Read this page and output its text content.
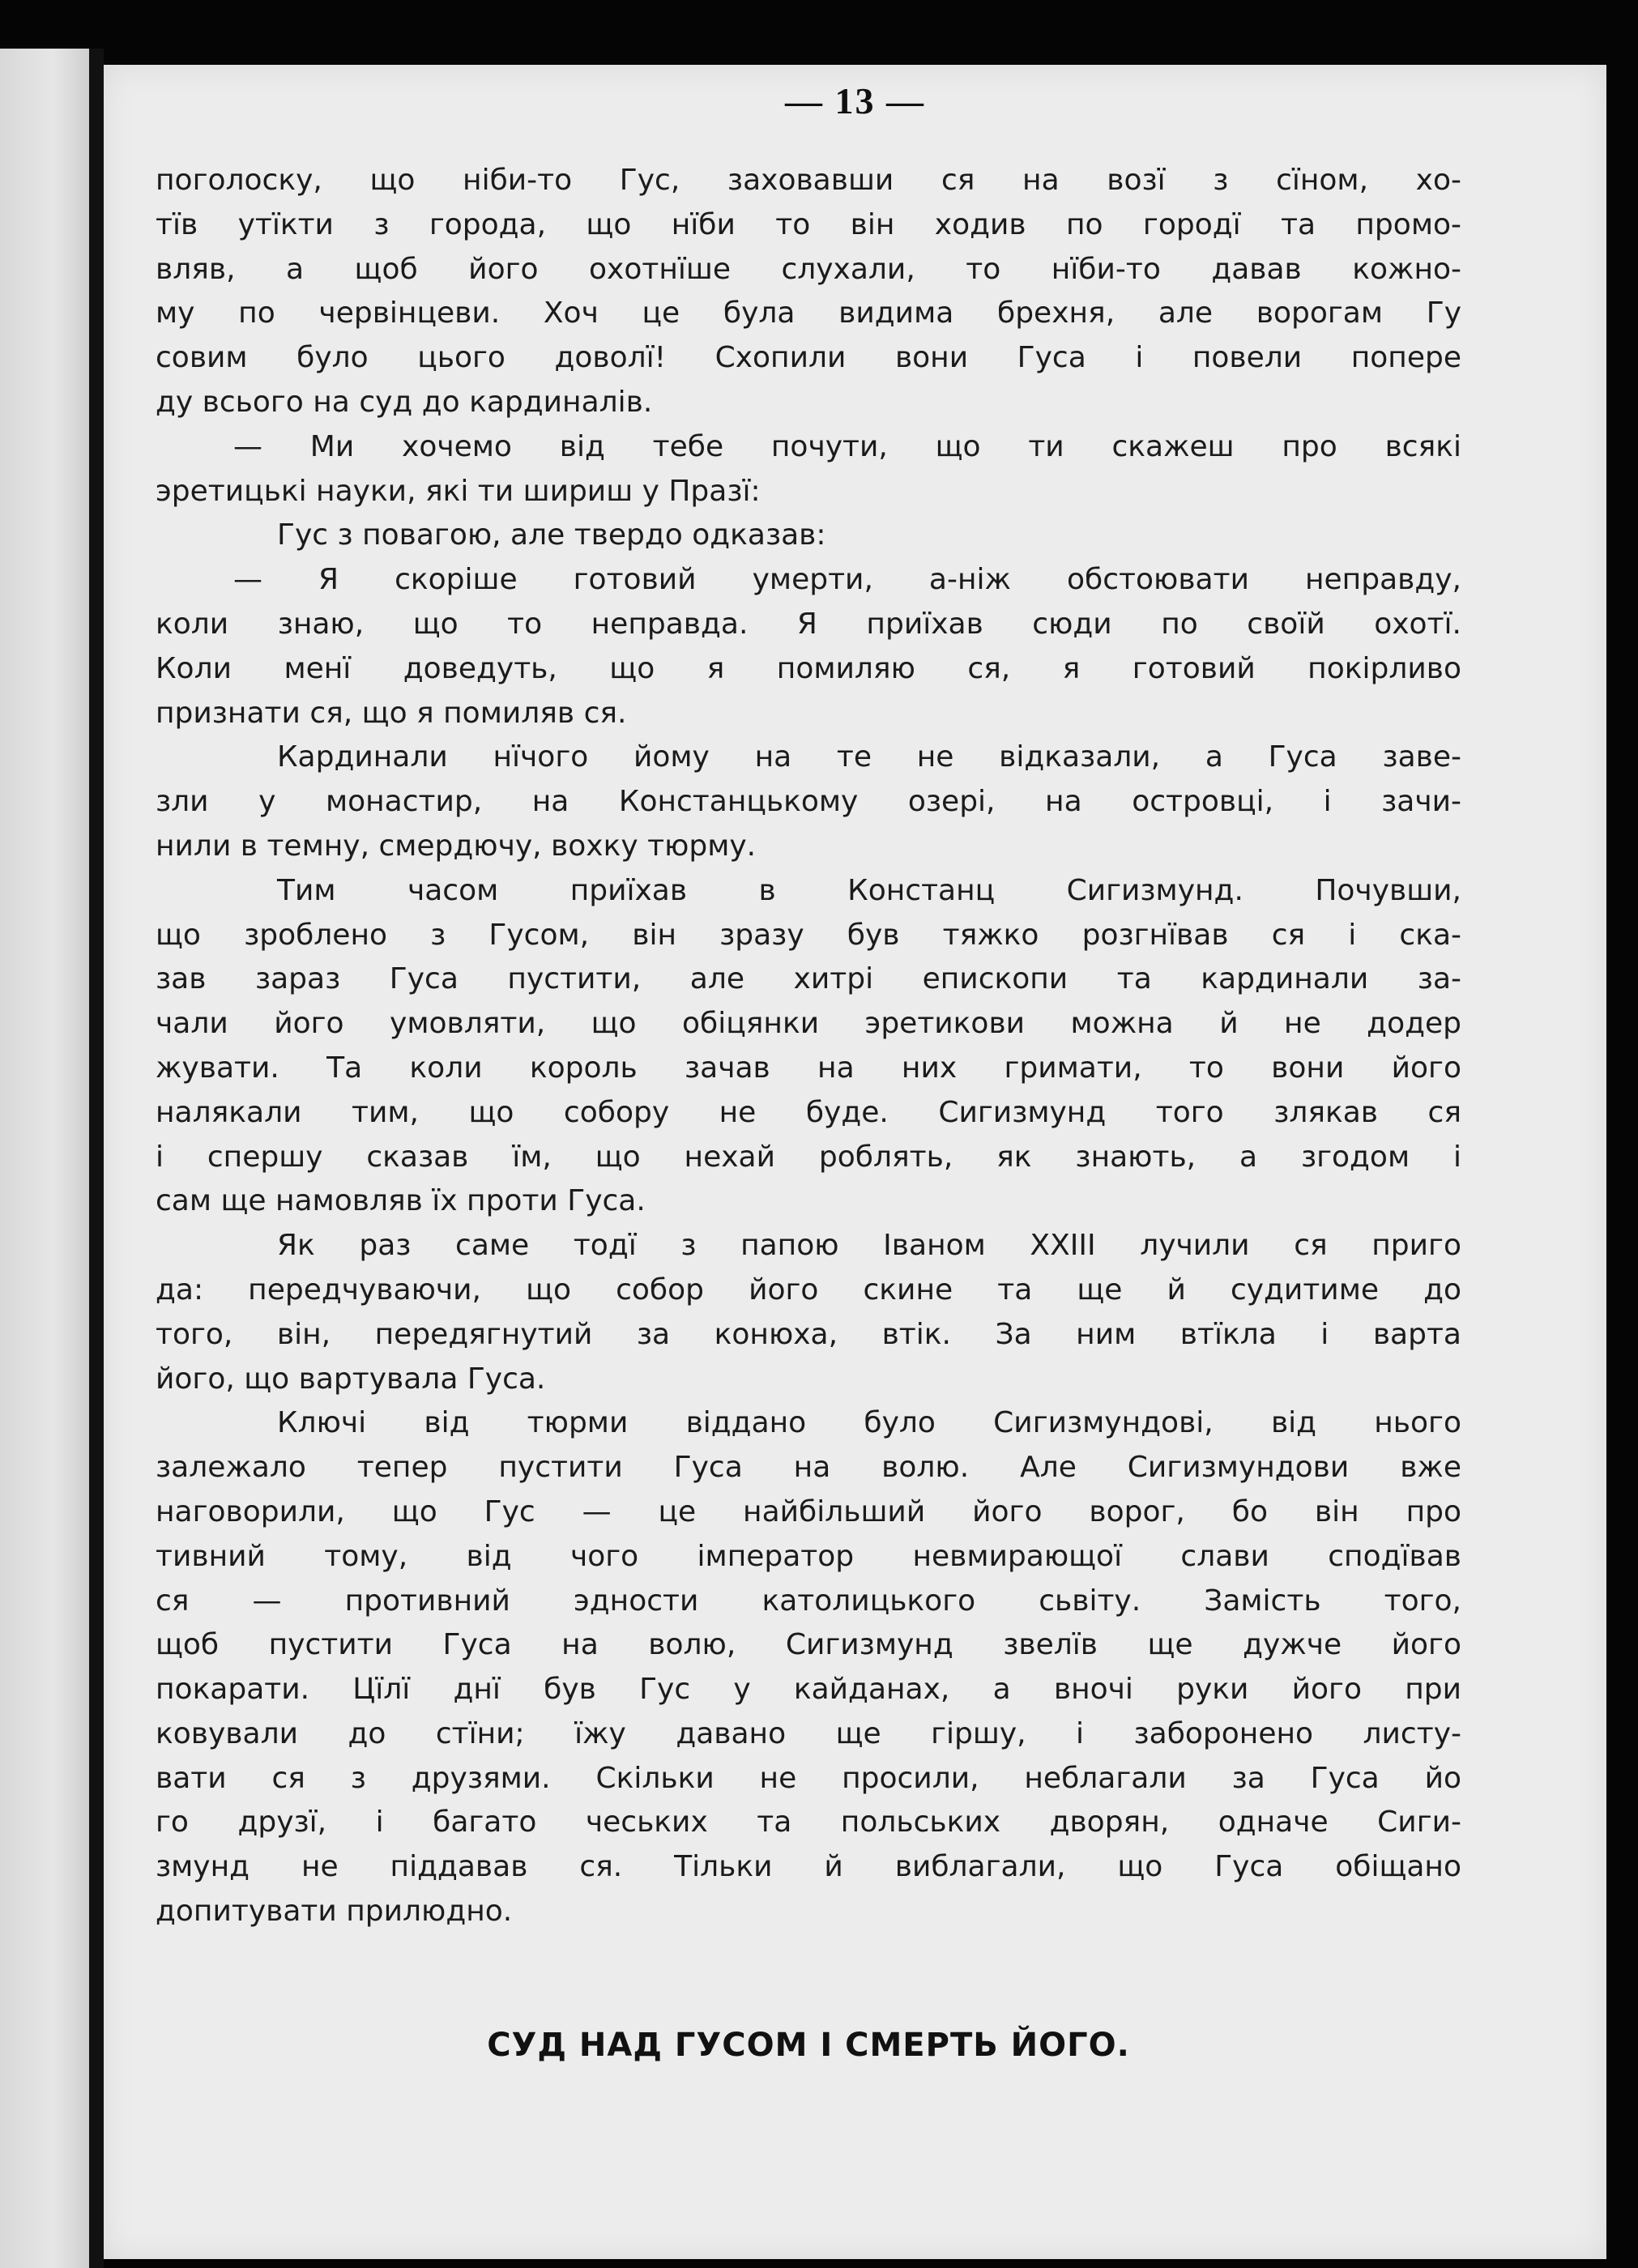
— 13 —
поголоску, що ніби-то Гус, заховавши ся на возї з сїном, хо-
тїв утїкти з города, що нїби то він ходив по городї та промо-
вляв, а щоб його охотнїше слухали, то нїби-то давав кожно-
му по червінцеви. Хоч це була видима брехня, але ворогам Гу
совим було цього доволї! Схопили вони Гуса і повели попере
ду всього на суд до кардиналів.
— Ми хочемо від тебе почути, що ти скажеш про всякі
эретицькі науки, які ти шириш у Празї:
Гус з повагою, але твердо одказав:
— Я скоріше готовий умерти, а-ніж обстоювати неправду,
коли знаю, що то неправда. Я приїхав сюди по своїй охотї.
Коли менї доведуть, що я помиляю ся, я готовий покірливо
признати ся, що я помиляв ся.
Кардинали нїчого йому на те не відказали, а Гуса заве-
зли у монастир, на Констанцькому озері, на островці, і зачи-
нили в темну, смердючу, вохку тюрму.
Тим часом приїхав в Констанц Сигизмунд. Почувши,
що зроблено з Гусом, він зразу був тяжко розгнївав ся і ска-
зав зараз Гуса пустити, але хитрі епископи та кардинали за-
чали його умовляти, що обіцянки эретикови можна й не додер
жувати. Та коли король зачав на них гримати, то вони його
налякали тим, що собору не буде. Сигизмунд того злякав ся
і спершу сказав їм, що нехай роблять, як знають, а згодом і
сам ще намовляв їх проти Гуса.
Як раз саме тодї з папою Іваном XXIII лучили ся приго
да: передчуваючи, що собор його скине та ще й судитиме до
того, він, передягнутий за конюха, втік. За ним втїкла і варта
його, що вартувала Гуса.
Ключі від тюрми віддано було Сигизмундові, від нього
залежало тепер пустити Гуса на волю. Але Сигизмундови вже
наговорили, що Гус — це найбільший його ворог, бо він про
тивний тому, від чого імператор невмирающої слави сподївав
ся — противний эдности католицького сьвіту. Замість того,
щоб пустити Гуса на волю, Сигизмунд звелїв ще дужче його
покарати. Цїлї днї був Гус у кайданах, а вночі руки його при
ковували до стїни; їжу давано ще гіршу, і заборонено листу-
вати ся з друзями. Скільки не просили, неблагали за Гуса йо
го друзї, і багато чеських та польських дворян, одначе Сиги-
змунд не піддавав ся. Тільки й виблагали, що Гуса обіщано
допитувати прилюдно.
СУД НАД ГУСОМ І СМЕРТЬ ЙОГО.
